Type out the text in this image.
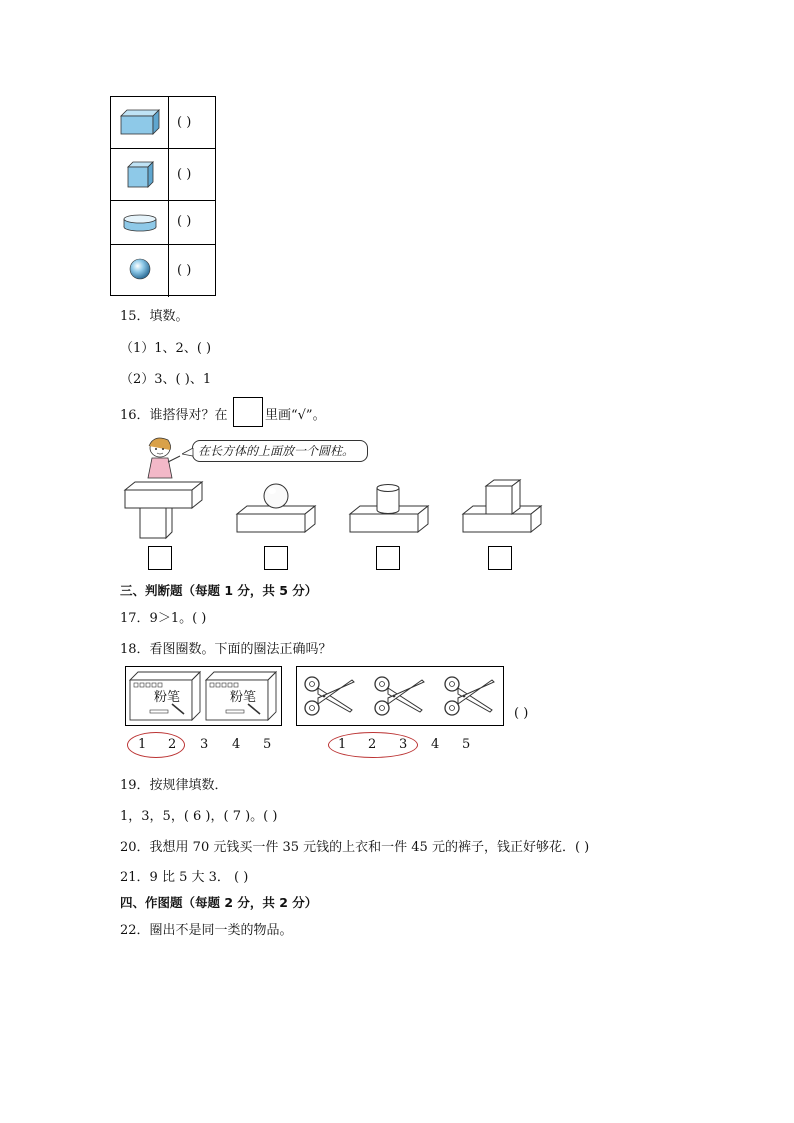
( )
( )
( )
( )
15．填数。
（1）1、2、( )
（2）3、( )、1
16．谁搭得对？在	里画“√”。
在长方体的上面放一个圆柱。
三、判断题（每题 1 分，共 5 分）
17．9＞1。( )
18．看图圈数。下面的圈法正确吗？
粉笔	粉笔
( )
1 2 3 4 5	1 2 3 4 5
19．按规律填数．
1，3，5，( 6 )，( 7 )。( )
20．我想用 70 元钱买一件 35 元钱的上衣和一件 45 元的裤子，钱正好够花．( )
21．9 比 5 大 3． ( )
四、作图题（每题 2 分，共 2 分）
22．圈出不是同一类的物品。
